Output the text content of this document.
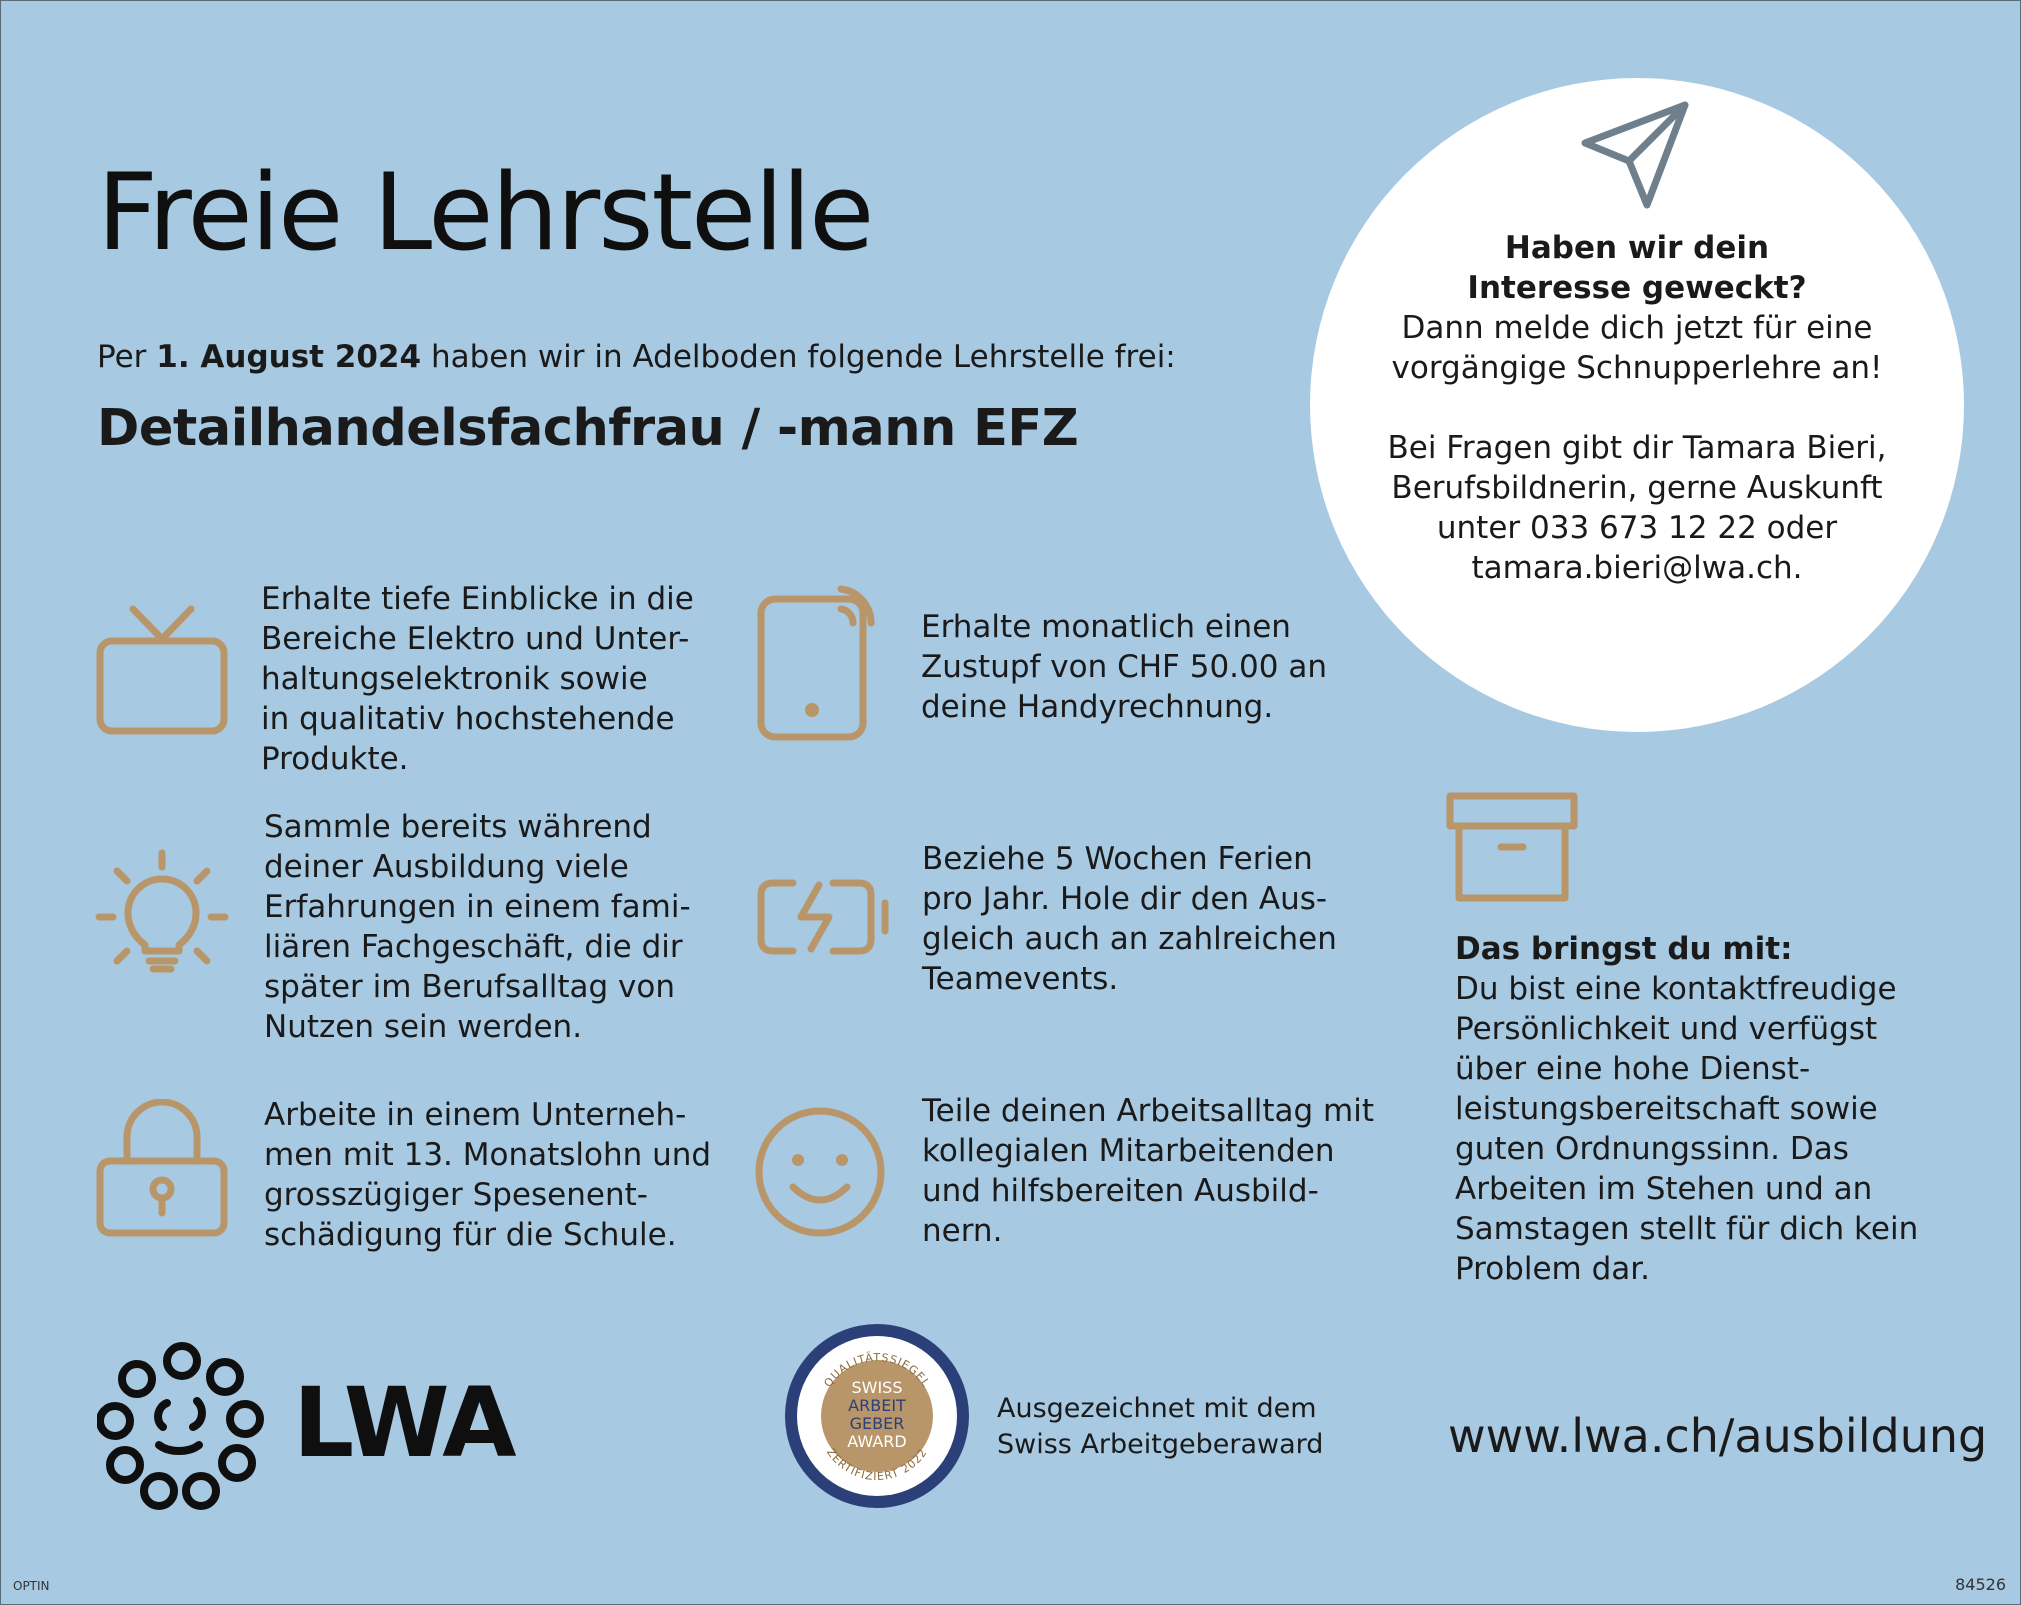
Freie Lehrstelle
Per 1. August 2024 haben wir in Adelboden folgende Lehrstelle frei:
Detailhandelsfachfrau / -mann EFZ
Erhalte tiefe Einblicke in die
Bereiche Elektro und Unter-
haltungselektronik sowie
in qualitativ hochstehende
Produkte.
Erhalte monatlich einen
Zustupf von CHF 50.00 an
deine Handyrechnung.
Sammle bereits während
deiner Ausbildung viele
Erfahrungen in einem fami-
liären Fachgeschäft, die dir
später im Berufsalltag von
Nutzen sein werden.
Beziehe 5 Wochen Ferien
pro Jahr. Hole dir den Aus-
gleich auch an zahlreichen
Teamevents.
Arbeite in einem Unterneh-
men mit 13. Monatslohn und
grosszügiger Spesenent-
schädigung für die Schule.
Teile deinen Arbeitsalltag mit
kollegialen Mitarbeitenden
und hilfsbereiten Ausbild-
nern.
Haben wir dein
Interesse geweckt?
Dann melde dich jetzt für eine
vorgängige Schnupperlehre an!
Bei Fragen gibt dir Tamara Bieri,
Berufsbildnerin, gerne Auskunft
unter 033 673 12 22 oder
tamara.bieri@lwa.ch.
Das bringst du mit:
Du bist eine kontaktfreudige
Persönlichkeit und verfügst
über eine hohe Dienst-
leistungsbereitschaft sowie
guten Ordnungssinn. Das
Arbeiten im Stehen und an
Samstagen stellt für dich kein
Problem dar.
LWA	QUALITÄTSSIEGEL
ZERTIFIZIERT 2022
SWISS
ARBEIT
GEBER
AWARD
Ausgezeichnet mit dem
Swiss Arbeitgeberaward	www.lwa.ch/ausbildung
OPTIN	84526
